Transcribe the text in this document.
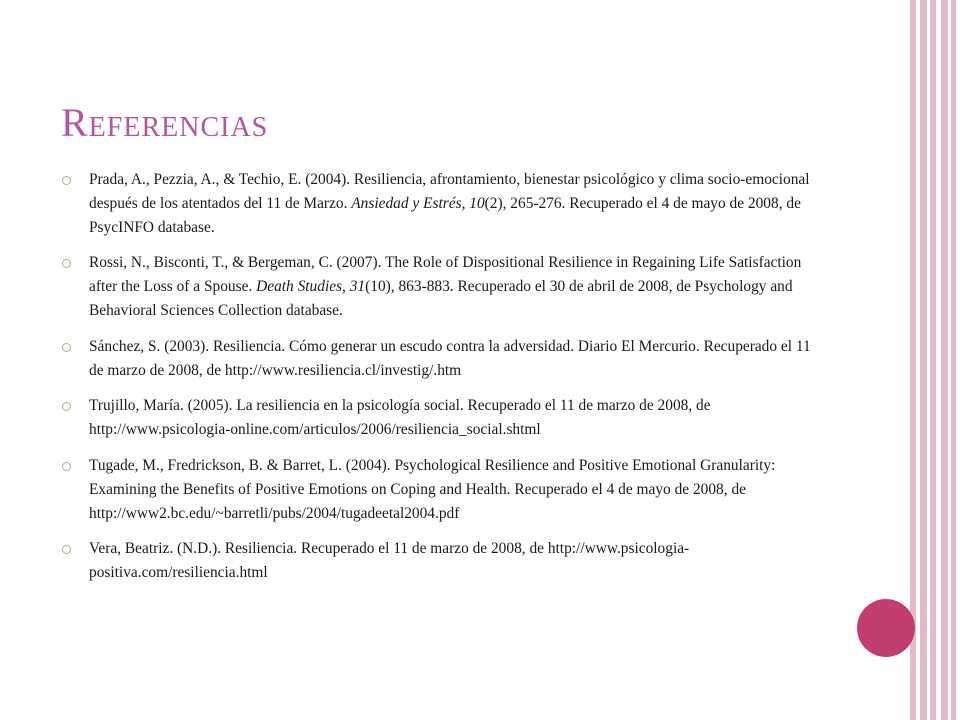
Referencias
Prada, A., Pezzia, A., & Techio, E. (2004). Resiliencia, afrontamiento, bienestar psicológico y clima socio-emocional después de los atentados del 11 de Marzo. Ansiedad y Estrés, 10(2), 265-276. Recuperado el 4 de mayo de 2008, de PsycINFO database.
Rossi, N., Bisconti, T., & Bergeman, C. (2007). The Role of Dispositional Resilience in Regaining Life Satisfaction after the Loss of a Spouse. Death Studies, 31(10), 863-883. Recuperado el 30 de abril de 2008, de Psychology and Behavioral Sciences Collection database.
Sánchez, S. (2003). Resiliencia. Cómo generar un escudo contra la adversidad. Diario El Mercurio. Recuperado el 11 de marzo de 2008, de http://www.resiliencia.cl/investig/.htm
Trujillo, María. (2005). La resiliencia en la psicología social. Recuperado el 11 de marzo de 2008, de http://www.psicologia-online.com/articulos/2006/resiliencia_social.shtml
Tugade, M., Fredrickson, B. & Barret, L. (2004). Psychological Resilience and Positive Emotional Granularity: Examining the Benefits of Positive Emotions on Coping and Health. Recuperado el 4 de mayo de 2008, de http://www2.bc.edu/~barretli/pubs/2004/tugadeetal2004.pdf
Vera, Beatriz. (N.D.). Resiliencia. Recuperado el 11 de marzo de 2008, de http://www.psicologia-positiva.com/resiliencia.html
